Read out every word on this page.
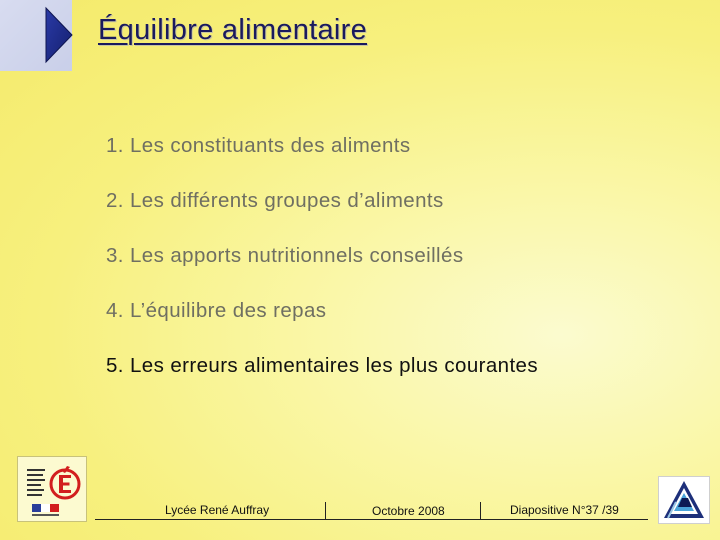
Équilibre alimentaire
1. Les constituants des aliments
2. Les différents groupes d’aliments
3. Les apports nutritionnels conseillés
4. L’équilibre des repas
5. Les erreurs alimentaires les plus courantes
Lycée René Auffray	Octobre 2008	Diapositive N°37 /39
